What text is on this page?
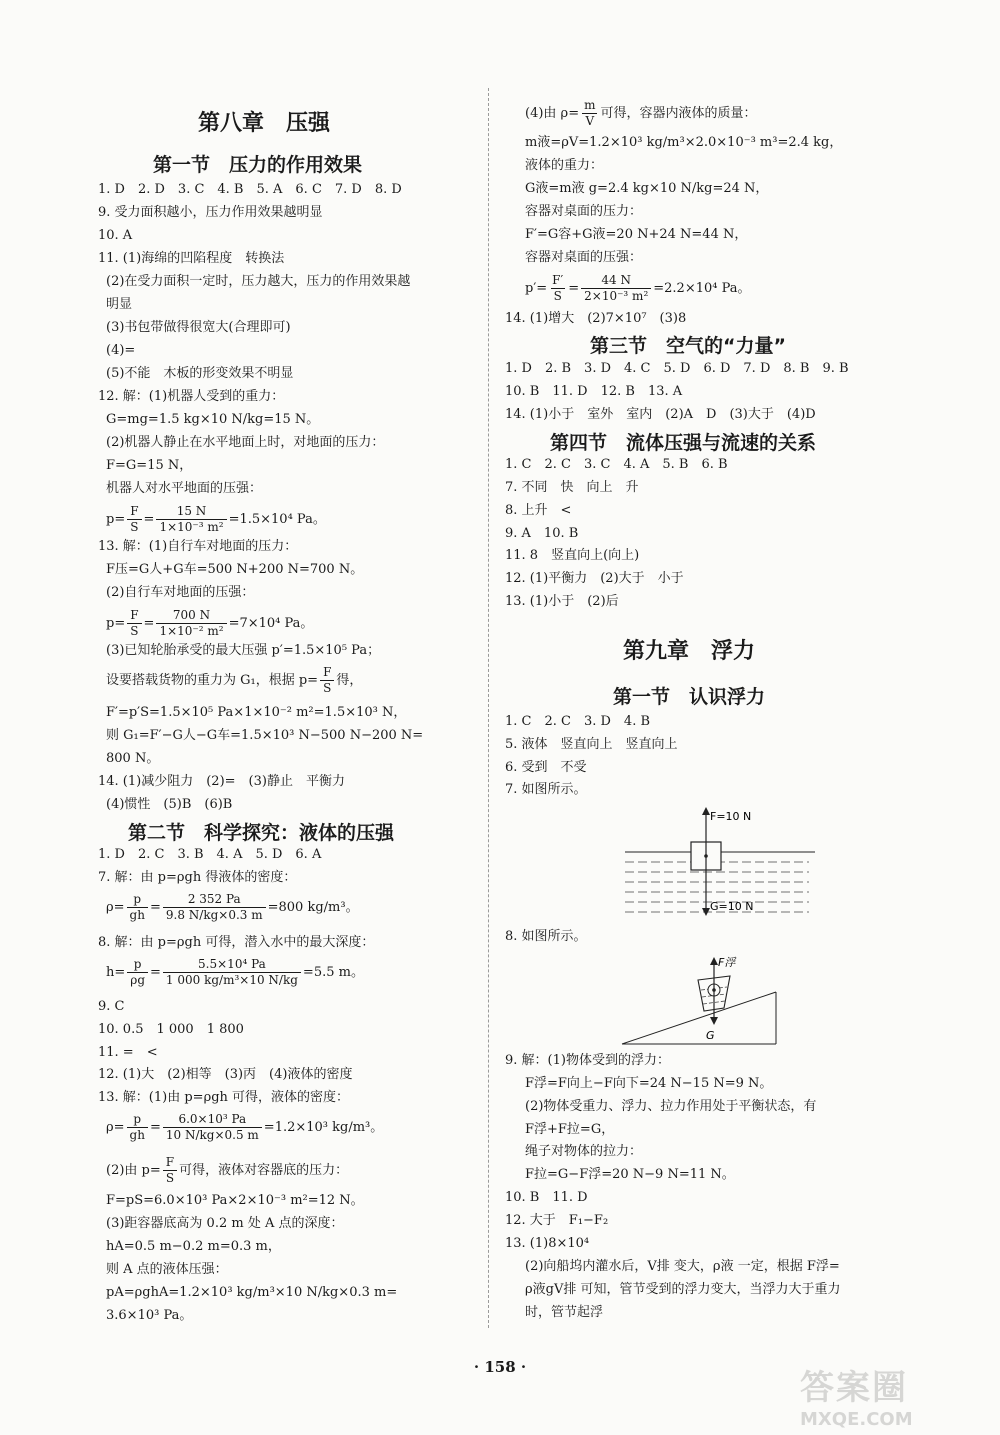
第八章　压强
第一节　压力的作用效果
1. D　2. D　3. C　4. B　5. A　6. C　7. D　8. D
9. 受力面积越小，压力作用效果越明显
10. A
11. (1)海绵的凹陷程度　转换法
(2)在受力面积一定时，压力越大，压力的作用效果越
明显
(3)书包带做得很宽大(合理即可)
(4)=
(5)不能　木板的形变效果不明显
12. 解：(1)机器人受到的重力：
G=mg=1.5 kg×10 N/kg=15 N。
(2)机器人静止在水平地面上时，对地面的压力：
F=G=15 N，
机器人对水平地面的压强：
$p= \frac{F}{S} = \frac{15 N}{\text{1×10⁻³ m²}} =1.5\times 10^4$ Pa。
13. 解：(1)自行车对地面的压力：
F压=G人+G车=500 N+200 N=700 N。
(2)自行车对地面的压强：
$p= \frac{F}{S} = \frac{700 N}{\text{1×10⁻² m²}} =7\times 10^4$ Pa。
(3)已知轮胎承受的最大压强 p′=1.5×10⁵ Pa；
设要搭载货物的重力为 G₁，根据 $p= \frac{F}{S}$ 得，
F′=p′S=1.5×10⁵ Pa×1×10⁻² m²=1.5×10³ N，
则 G₁=F′−G人−G车=1.5×10³ N−500 N−200 N=
800 N。
14. (1)减少阻力　(2)=　(3)静止　平衡力
(4)惯性　(5)B　(6)B
第二节　科学探究：液体的压强
1. D　2. C　3. B　4. A　5. D　6. A
7. 解：由 p=ρgh 得液体的密度：
$\rho= \frac{p}{gh} = \frac{2 352 Pa}{9.8 N/kg\times 0.3 m} =800$ kg/m³。
8. 解：由 p=ρgh 可得，潜入水中的最大深度：
$h= \frac{p}{\rho g} = \frac{\text{5.5×10⁴ Pa}}{\text{1 000 kg/m³×10 N/kg}} =5.5$ m。
9. C
10. 0.5　1 000　1 800
11. =　<
12. (1)大　(2)相等　(3)丙　(4)液体的密度
13. 解：(1)由 p=ρgh 可得，液体的密度：
$\rho= \frac{p}{gh} = \frac{\text{6.0×10³ Pa}}{10 N/kg\times 0.5 m} =1.2\times 10^3$ kg/m³。
(2)由 $p= \frac{F}{S}$ 可得，液体对容器底的压力：
F=pS=6.0×10³ Pa×2×10⁻³ m²=12 N。
(3)距容器底高为 0.2 m 处 A 点的深度：
hA=0.5 m−0.2 m=0.3 m，
则 A 点的液体压强：
pA=ρghA=1.2×10³ kg/m³×10 N/kg×0.3 m=
3.6×10³ Pa。
(4)由 $\rho= \frac{m}{V}$ 可得，容器内液体的质量：
m液=ρV=1.2×10³ kg/m³×2.0×10⁻³ m³=2.4 kg，
液体的重力：
G液=m液 g=2.4 kg×10 N/kg=24 N，
容器对桌面的压力：
F′=G容+G液=20 N+24 N=44 N，
容器对桌面的压强：
$p'= \frac{F'}{S} = \frac{44 N}{\text{2×10⁻³ m²}} =2.2\times 10^4$ Pa。
14. (1)增大　(2)7×10⁷　(3)8
第三节　空气的“力量”
1. D　2. B　3. D　4. C　5. D　6. D　7. D　8. B　9. B
10. B　11. D　12. B　13. A
14. (1)小于　室外　室内　(2)A　D　(3)大于　(4)D
第四节　流体压强与流速的关系
1. C　2. C　3. C　4. A　5. B　6. B
7. 不同　快　向上　升
8. 上升　<
9. A　10. B
11. 8　竖直向上(向上)
12. (1)平衡力　(2)大于　小于
13. (1)小于　(2)后
第九章　浮力
第一节　认识浮力
1. C　2. C　3. D　4. B
5. 液体　竖直向上　竖直向上
6. 受到　不受
7. 如图所示。
F=10 N
G=10 N
8. 如图所示。
F浮
G
9. 解：(1)物体受到的浮力：
F浮=F向上−F向下=24 N−15 N=9 N。
(2)物体受重力、浮力、拉力作用处于平衡状态，有
F浮+F拉=G，
绳子对物体的拉力：
F拉=G−F浮=20 N−9 N=11 N。
10. B　11. D
12. 大于　F₁−F₂
13. (1)8×10⁴
(2)向船坞内灌水后，V排 变大，ρ液 一定，根据 F浮=
ρ液gV排 可知，管节受到的浮力变大，当浮力大于重力
时，管节起浮
· 158 ·
答案圈
MXQE.COM
